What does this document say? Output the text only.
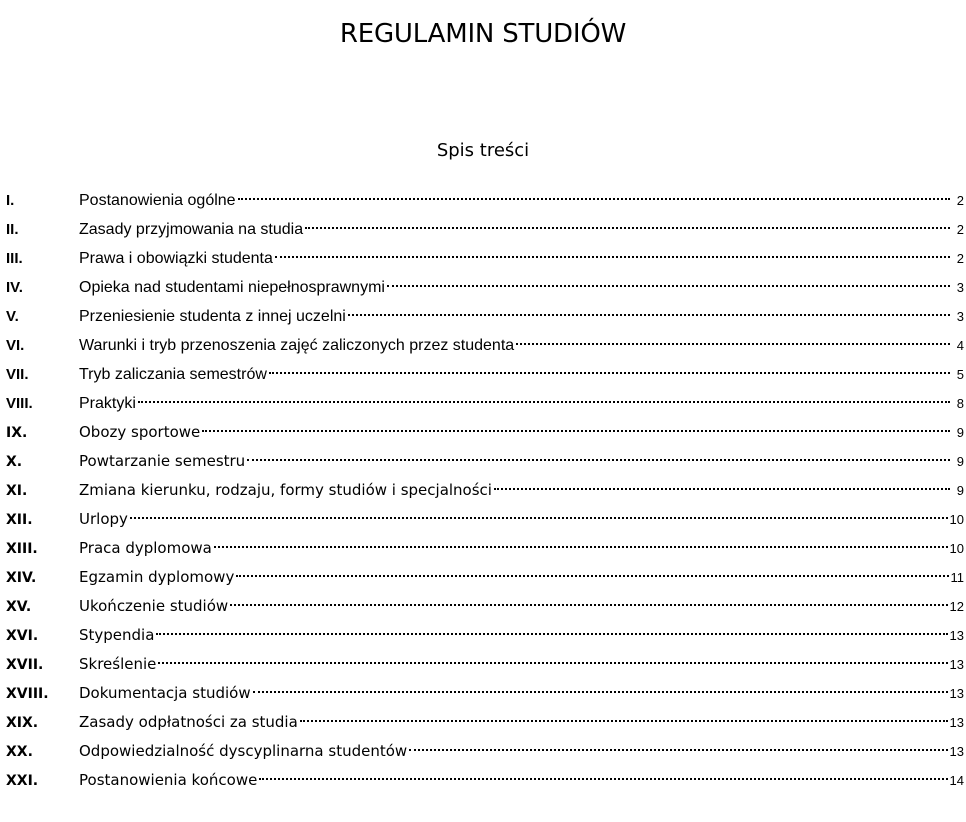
REGULAMIN STUDIÓW
Spis treści
I.	Postanowienia ogólne	2
II.	Zasady przyjmowania na studia	2
III.	Prawa i obowiązki studenta	2
IV.	Opieka nad studentami niepełnosprawnymi	3
V.	Przeniesienie studenta z innej uczelni	3
VI.	Warunki i tryb przenoszenia zajęć zaliczonych przez studenta	4
VII.	Tryb zaliczania semestrów	5
VIII.	Praktyki	8
IX.	Obozy sportowe	9
X.	Powtarzanie semestru	9
XI.	Zmiana kierunku, rodzaju, formy studiów i specjalności	9
XII.	Urlopy	10
XIII.	Praca dyplomowa	10
XIV.	Egzamin dyplomowy	11
XV.	Ukończenie studiów	12
XVI.	Stypendia	13
XVII.	Skreślenie	13
XVIII.	Dokumentacja studiów	13
XIX.	Zasady odpłatności za studia	13
XX.	Odpowiedzialność dyscyplinarna studentów	13
XXI.	Postanowienia końcowe	14
